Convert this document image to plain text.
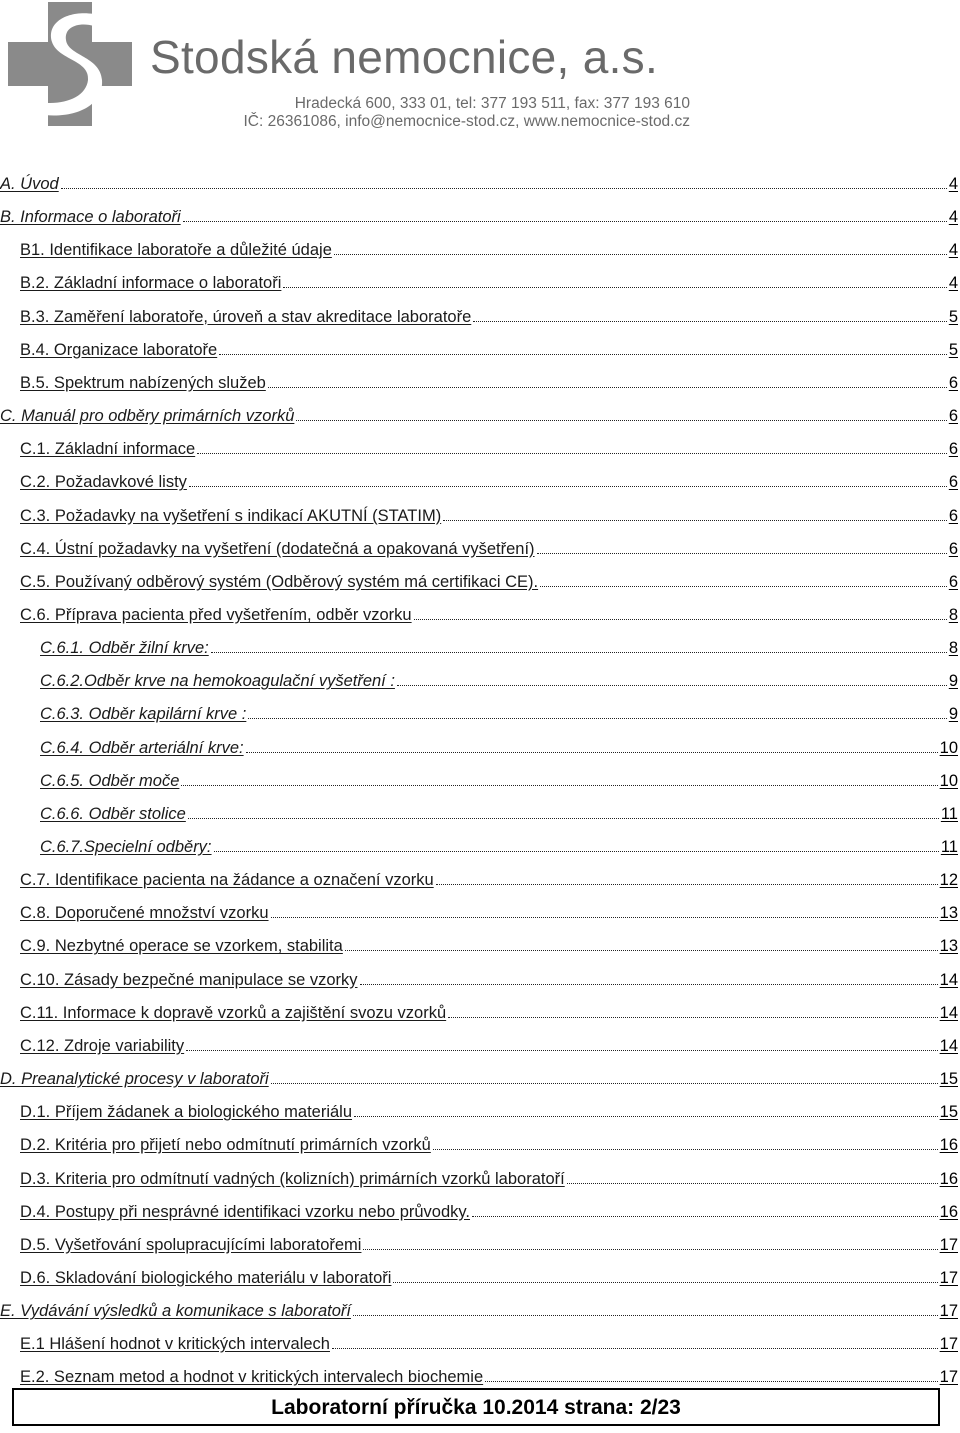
Stodská nemocnice, a.s.
Hradecká 600, 333 01, tel: 377 193 511, fax: 377 193 610
IČ: 26361086, info@nemocnice-stod.cz, www.nemocnice-stod.cz
A. Úvod	4
B. Informace o laboratoři	4
B1. Identifikace laboratoře a důležité údaje	4
B.2. Základní informace o laboratoři	4
B.3. Zaměření laboratoře, úroveň a stav akreditace laboratoře	5
B.4. Organizace laboratoře	5
B.5. Spektrum nabízených služeb	6
C. Manuál pro odběry primárních vzorků	6
C.1. Základní informace	6
C.2. Požadavkové listy	6
C.3. Požadavky na vyšetření s indikací AKUTNÍ (STATIM)	6
C.4. Ústní požadavky na vyšetření (dodatečná a opakovaná vyšetření)	6
C.5. Používaný odběrový systém (Odběrový systém má certifikaci CE).	6
C.6. Příprava pacienta před vyšetřením, odběr vzorku	8
C.6.1. Odběr žilní krve:	8
C.6.2.Odběr krve na hemokoagulační vyšetření :	9
C.6.3. Odběr kapilární krve :	9
C.6.4. Odběr arteriální krve:	10
C.6.5. Odběr moče	10
C.6.6. Odběr stolice	11
C.6.7.Specielní odběry:	11
C.7. Identifikace pacienta na žádance a označení vzorku	12
C.8. Doporučené množství vzorku	13
C.9. Nezbytné operace se vzorkem, stabilita	13
C.10. Zásady bezpečné manipulace se vzorky	14
C.11. Informace k dopravě vzorků a zajištění svozu vzorků	14
C.12. Zdroje variability	14
D. Preanalytické procesy v laboratoři	15
D.1. Příjem žádanek a biologického materiálu	15
D.2. Kritéria pro přijetí nebo odmítnutí primárních vzorků	16
D.3. Kriteria pro odmítnutí vadných (kolizních) primárních vzorků laboratoří	16
D.4. Postupy při nesprávné identifikaci vzorku nebo průvodky.	16
D.5. Vyšetřování spolupracujícími laboratořemi	17
D.6. Skladování biologického materiálu v laboratoři	17
E. Vydávání výsledků a komunikace s laboratoří	17
E.1 Hlášení hodnot v kritických intervalech	17
E.2. Seznam metod a hodnot v kritických intervalech biochemie	17
Laboratorní příručka 10.2014 strana: 2/23
